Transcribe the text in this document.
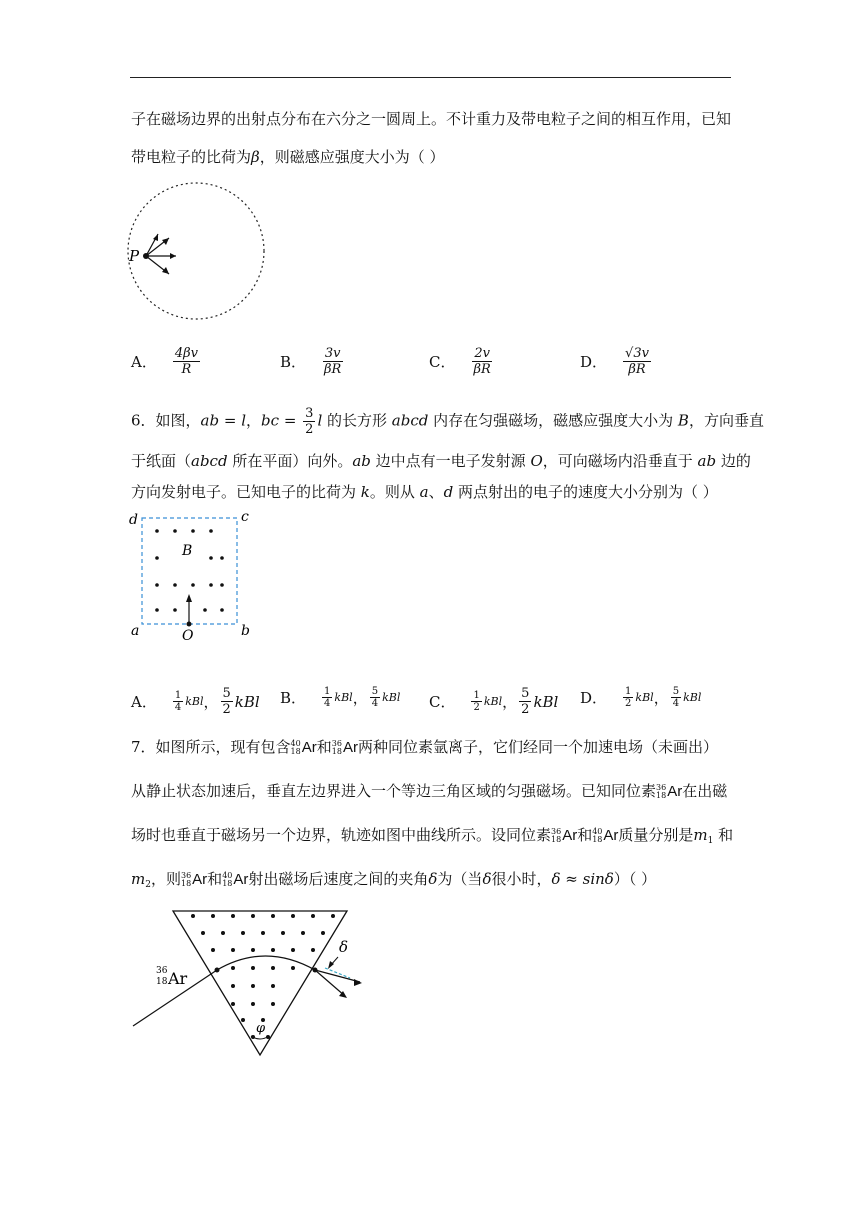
子在磁场边界的出射点分布在六分之一圆周上。不计重力及带电粒子之间的相互作用，已知
带电粒子的比荷为β，则磁感应强度大小为（ ）
P
A． $\frac{4\beta v}{R}$	B． $\frac{3v}{\beta R}$	C． $\frac{2v}{\beta R}$	D． $\frac{√3v}{\beta R}$
6．如图，ab = l，bc = $\frac{3}{2}$ l 的长方形 abcd 内存在匀强磁场，磁感应强度大小为 B，方向垂直
于纸面（abcd 所在平面）向外。ab 边中点有一电子发射源 O，可向磁场内沿垂直于 ab 边的
方向发射电子。已知电子的比荷为 k。则从 a、d 两点射出的电子的速度大小分别为（ ）
d	c
a	b
B
O
A． $\frac{1}{4}$ kBl ， $\frac{5}{2}$ kBl B． $\frac{1}{4}$ kBl ， $\frac{5}{4}$ kBl C． $\frac{1}{2}$ kBl ， $\frac{5}{2}$ kBl D． $\frac{1}{2}$ kBl ， $\frac{5}{4}$ kBl
7．如图所示，现有包含 40
18 Ar 和 36
18 Ar 两种同位素氩离子，它们经同一个加速电场（未画出）
从静止状态加速后，垂直左边界进入一个等边三角区域的匀强磁场。已知同位素 36
18 Ar 在出磁
场时也垂直于磁场另一个边界，轨迹如图中曲线所示。设同位素 36
18 Ar 和 40
18 Ar 质量分别是$m_1$ 和
$m_2$，则 36
18 Ar 和 40
18 Ar 射出磁场后速度之间的夹角δ为（当δ很小时，δ ≈ sinδ）（ ）
δ
φ
36
18 Ar
